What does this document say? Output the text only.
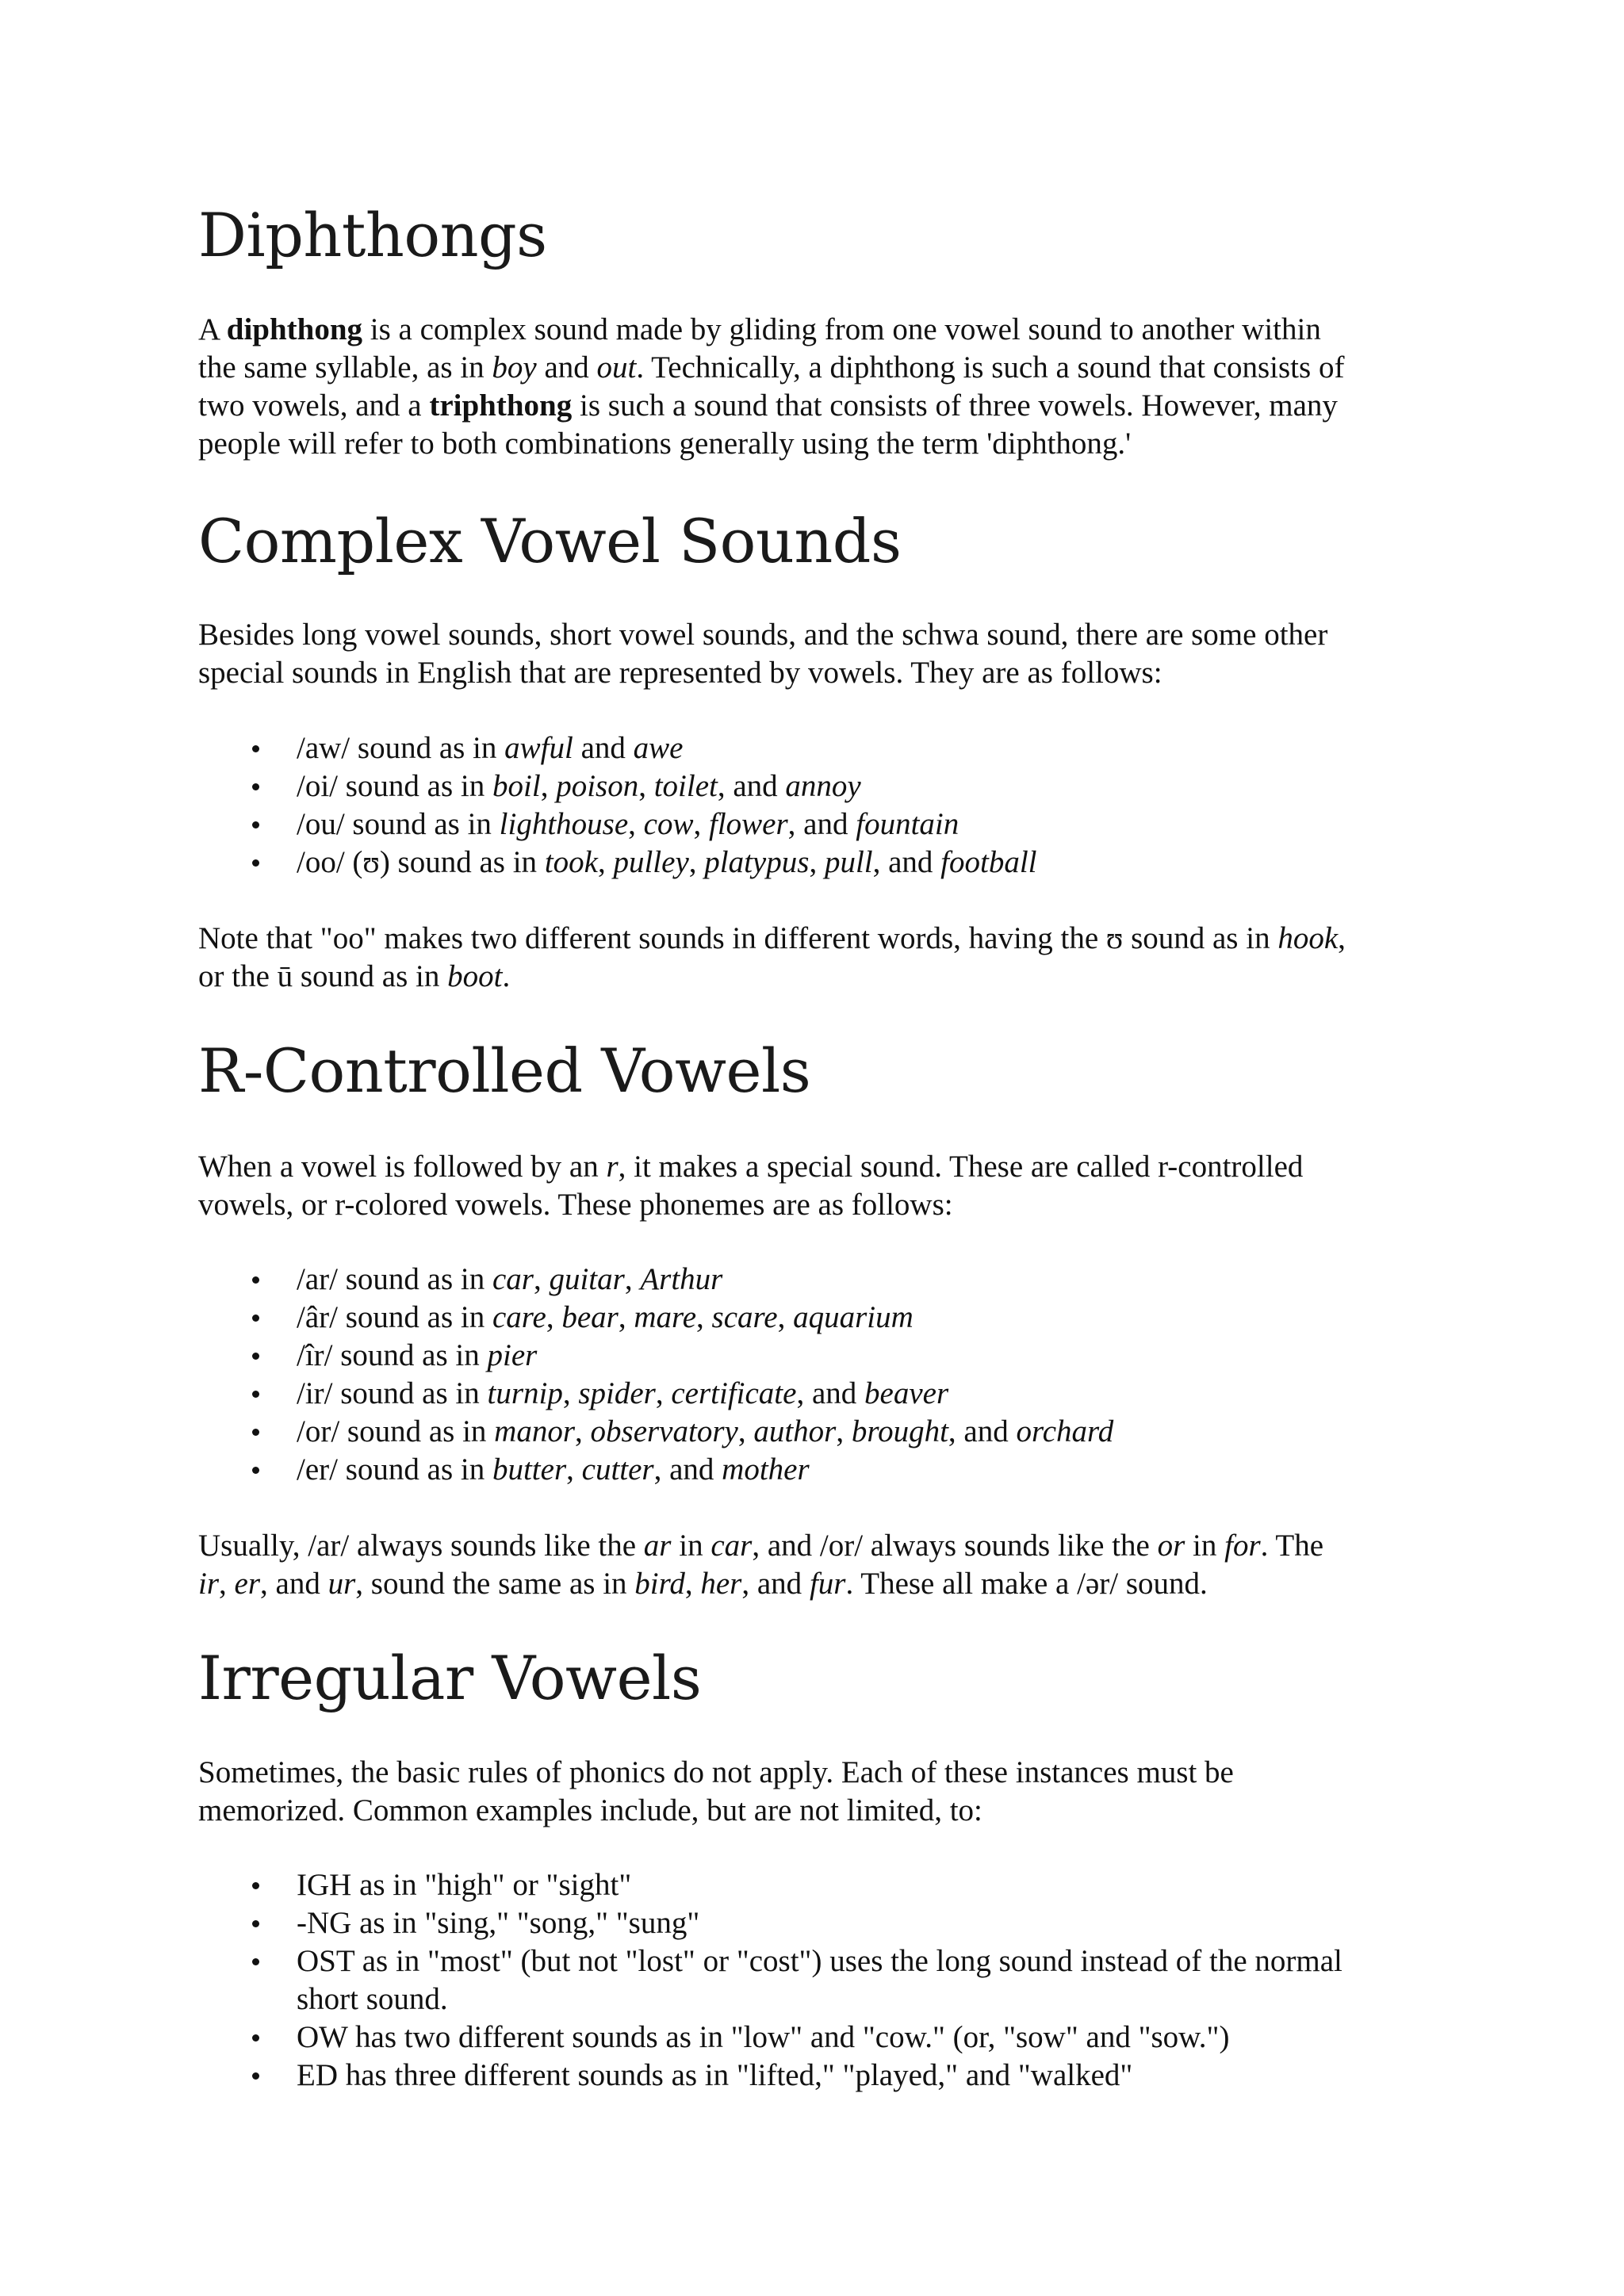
Diphthongs

A diphthong is a complex sound made by gliding from one vowel sound to another within
the same syllable, as in boy and out. Technically, a diphthong is such a sound that consists of
two vowels, and a triphthong is such a sound that consists of three vowels. However, many
people will refer to both combinations generally using the term 'diphthong.'

Complex Vowel Sounds

Besides long vowel sounds, short vowel sounds, and the schwa sound, there are some other
special sounds in English that are represented by vowels. They are as follows:

/aw/ sound as in awful and awe
/oi/ sound as in boil, poison, toilet, and annoy
/ou/ sound as in lighthouse, cow, flower, and fountain
/oo/ (ʊ) sound as in took, pulley, platypus, pull, and football

Note that "oo" makes two different sounds in different words, having the ʊ sound as in hook,
or the ū sound as in boot.

R-Controlled Vowels

When a vowel is followed by an r, it makes a special sound. These are called r-controlled
vowels, or r-colored vowels. These phonemes are as follows:

/ar/ sound as in car, guitar, Arthur
/âr/ sound as in care, bear, mare, scare, aquarium
/îr/ sound as in pier
/ir/ sound as in turnip, spider, certificate, and beaver
/or/ sound as in manor, observatory, author, brought, and orchard
/er/ sound as in butter, cutter, and mother

Usually, /ar/ always sounds like the ar in car, and /or/ always sounds like the or in for. The
ir, er, and ur, sound the same as in bird, her, and fur. These all make a /ər/ sound.

Irregular Vowels

Sometimes, the basic rules of phonics do not apply. Each of these instances must be
memorized. Common examples include, but are not limited, to:

IGH as in "high" or "sight"
-NG as in "sing," "song," "sung"
OST as in "most" (but not "lost" or "cost") uses the long sound instead of the normal
short sound.
OW has two different sounds as in "low" and "cow." (or, "sow" and "sow.")
ED has three different sounds as in "lifted," "played," and "walked"
